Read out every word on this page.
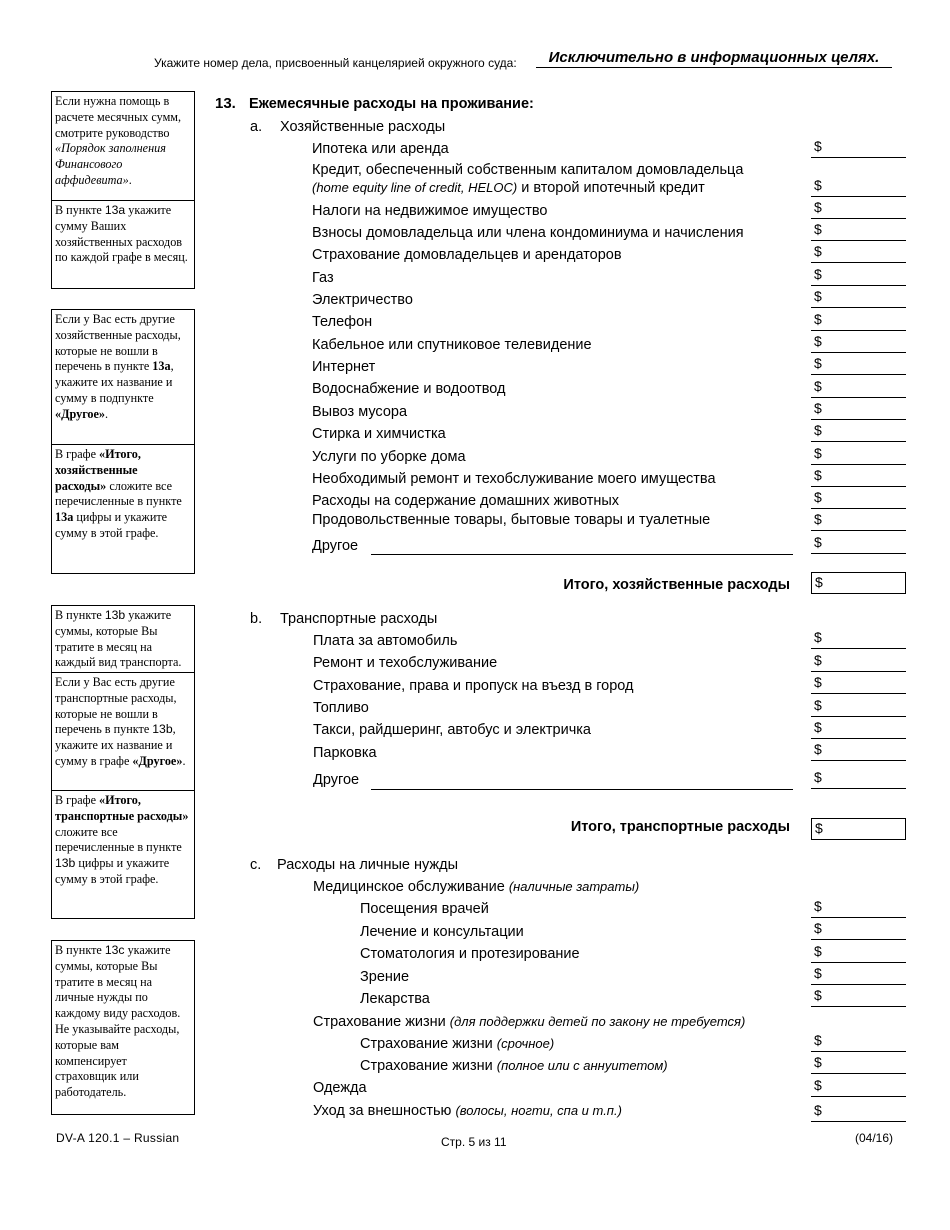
Укажите номер дела, присвоенный канцелярией окружного суда:	Исключительно в информационных целях.
Если нужна помощь в расчете месячных сумм, смотрите руководство «Порядок заполнения Финансового аффидевита».
В пункте 13a укажите сумму Ваших хозяйственных расходов по каждой графе в месяц.
Если у Вас есть другие хозяйственные расходы, которые не вошли в перечень в пункте 13a, укажите их название и сумму в подпункте «Другое».
В графе «Итого, хозяйственные расходы» сложите все перечисленные в пункте 13a цифры и укажите сумму в этой графе.
В пункте 13b укажите суммы, которые Вы тратите в месяц на каждый вид транспорта.
Если у Вас есть другие транспортные расходы, которые не вошли в перечень в пункте 13b, укажите их название и сумму в графе «Другое».
В графе «Итого, транспортные расходы» сложите все перечисленные в пункте 13b цифры и укажите сумму в этой графе.
В пункте 13c укажите суммы, которые Вы тратите в месяц на личные нужды по каждому виду расходов. Не указывайте расходы, которые вам компенсирует страховщик или работодатель.
13. Ежемесячные расходы на проживание:
a. Хозяйственные расходы
Ипотека или аренда	$
Кредит, обеспеченный собственным капиталом домовладельца
(home equity line of credit, HELOC) и второй ипотечный кредит	$
Налоги на недвижимое имущество	$
Взносы домовладельца или члена кондоминиума и начисления	$
Страхование домовладельцев и арендаторов	$
Газ	$
Электричество	$
Телефон	$
Кабельное или спутниковое телевидение	$
Интернет	$
Водоснабжение и водоотвод	$
Вывоз мусора	$
Стирка и химчистка	$
Услуги по уборке дома	$
Необходимый ремонт и техобслуживание моего имущества	$
Расходы на содержание домашних животных	$
Продовольственные товары, бытовые товары и туалетные	$
Другое	$
Итого, хозяйственные расходы $
b. Транспортные расходы
Плата за автомобиль	$
Ремонт и техобслуживание	$
Страхование, права и пропуск на въезд в город	$
Топливо	$
Такси, райдшеринг, автобус и электричка	$
Парковка	$
Другое	$
Итого, транспортные расходы $
c. Расходы на личные нужды
Медицинское обслуживание (наличные затраты)
Посещения врачей	$
Лечение и консультации	$
Стоматология и протезирование	$
Зрение	$
Лекарства	$
Страхование жизни (для поддержки детей по закону не требуется)
Страхование жизни (срочное)	$
Страхование жизни (полное или с аннуитетом)	$
Одежда	$
Уход за внешностью (волосы, ногти, спа и т.п.)	$
DV-A 120.1 – Russian	Стр. 5 из 11	(04/16)
